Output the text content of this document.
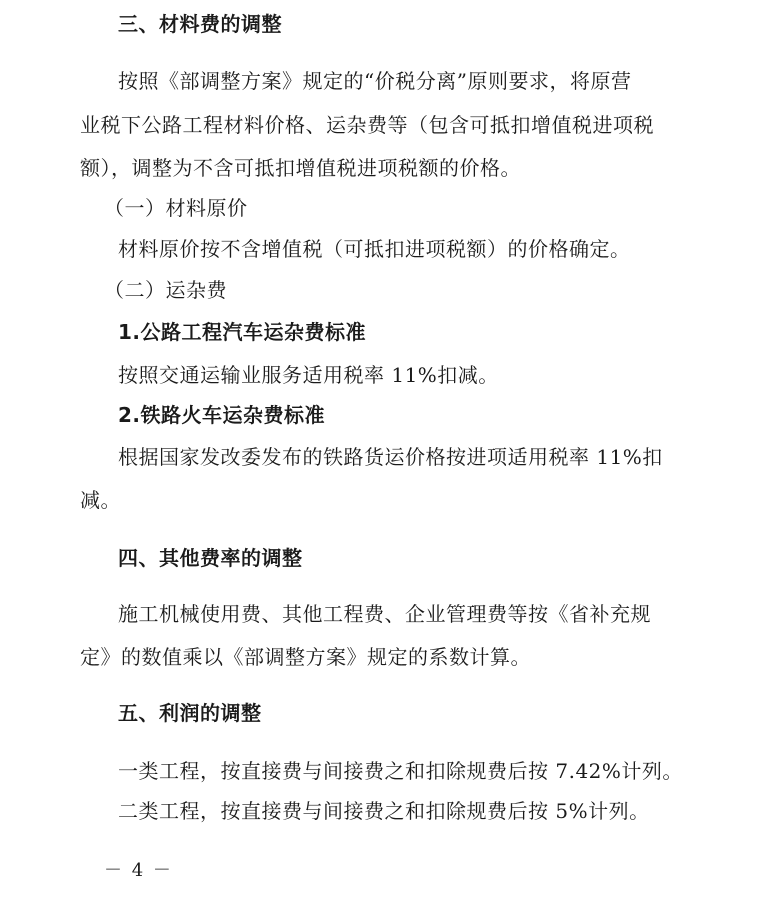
三、材料费的调整
按照《部调整方案》规定的“价税分离”原则要求，将原营
业税下公路工程材料价格、运杂费等（包含可抵扣增值税进项税
额），调整为不含可抵扣增值税进项税额的价格。
（一）材料原价
材料原价按不含增值税（可抵扣进项税额）的价格确定。
（二）运杂费
1.公路工程汽车运杂费标准
按照交通运输业服务适用税率 11%扣减。
2.铁路火车运杂费标准
根据国家发改委发布的铁路货运价格按进项适用税率 11%扣
减。
四、其他费率的调整
施工机械使用费、其他工程费、企业管理费等按《省补充规
定》的数值乘以《部调整方案》规定的系数计算。
五、利润的调整
一类工程，按直接费与间接费之和扣除规费后按 7.42%计列。
二类工程，按直接费与间接费之和扣除规费后按 5%计列。
－ 4 －
